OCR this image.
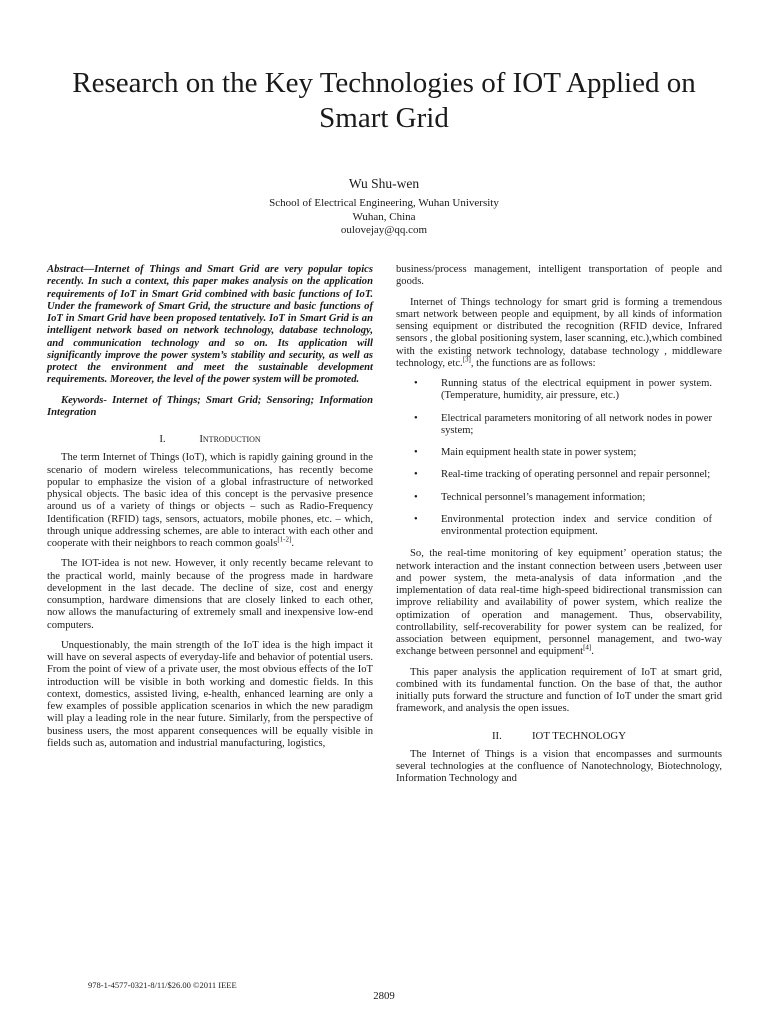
Research on the Key Technologies of IOT Applied on Smart Grid
Wu Shu-wen
School of Electrical Engineering, Wuhan University
Wuhan, China
oulovejay@qq.com

Abstract—Internet of Things and Smart Grid are very popular topics recently. In such a context, this paper makes analysis on the application requirements of IoT in Smart Grid combined with basic functions of IoT. Under the framework of Smart Grid, the structure and basic functions of IoT in Smart Grid have been proposed tentatively. IoT in Smart Grid is an intelligent network based on network technology, database technology, and communication technology and so on. Its application will significantly improve the power system’s stability and security, as well as protect the environment and meet the sustainable development requirements. Moreover, the level of the power system will be promoted.

Keywords- Internet of Things; Smart Grid; Sensoring; Information Integration

I.	Introduction

The term Internet of Things (IoT), which is rapidly gaining ground in the scenario of modern wireless telecommunications, has recently become popular to emphasize the vision of a global infrastructure of networked physical objects. The basic idea of this concept is the pervasive presence around us of a variety of things or objects – such as Radio-Frequency Identification (RFID) tags, sensors, actuators, mobile phones, etc. – which, through unique addressing schemes, are able to interact with each other and cooperate with their neighbors to reach common goals[1-2].

The IOT-idea is not new. However, it only recently became relevant to the practical world, mainly because of the progress made in hardware development in the last decade. The decline of size, cost and energy consumption, hardware dimensions that are closely linked to each other, now allows the manufacturing of extremely small and inexpensive low-end computers.

Unquestionably, the main strength of the IoT idea is the high impact it will have on several aspects of everyday-life and behavior of potential users. From the point of view of a private user, the most obvious effects of the IoT introduction will be visible in both working and domestic fields. In this context, domestics, assisted living, e-health, enhanced learning are only a few examples of possible application scenarios in which the new paradigm will play a leading role in the near future. Similarly, from the perspective of business users, the most apparent consequences will be equally visible in fields such as, automation and industrial manufacturing, logistics,

business/process management, intelligent transportation of people and goods.

Internet of Things technology for smart grid is forming a tremendous smart network between people and equipment, by all kinds of information sensing equipment or distributed the recognition (RFID device, Infrared sensors , the global positioning system, laser scanning, etc.),which combined with the existing network technology, database technology , middleware technology, etc.[3], the functions are as follows:

• Running status of the electrical equipment in power system. (Temperature, humidity, air pressure, etc.)
• Electrical parameters monitoring of all network nodes in power system;
• Main equipment health state in power system;
• Real-time tracking of operating personnel and repair personnel;
• Technical personnel’s management information;
• Environmental protection index and service condition of environmental protection equipment.

So, the real-time monitoring of key equipment’ operation status; the network interaction and the instant connection between users ,between user and power system, the meta-analysis of data information ,and the implementation of data real-time high-speed bidirectional transmission can improve reliability and availability of power system, which realize the optimization of operation and management. Thus, observability, controllability, self-recoverability for power system can be realized, for association between equipment, personnel management, and two-way exchange between personnel and equipment[4].

This paper analysis the application requirement of IoT at smart grid, combined with its fundamental function. On the base of that, the author initially puts forward the structure and function of IoT under the smart grid framework, and analysis the open issues.

II.	IOT TECHNOLOGY

The Internet of Things is a vision that encompasses and surmounts several technologies at the confluence of Nanotechnology, Biotechnology, Information Technology and

978-1-4577-0321-8/11/$26.00 ©2011 IEEE
2809
